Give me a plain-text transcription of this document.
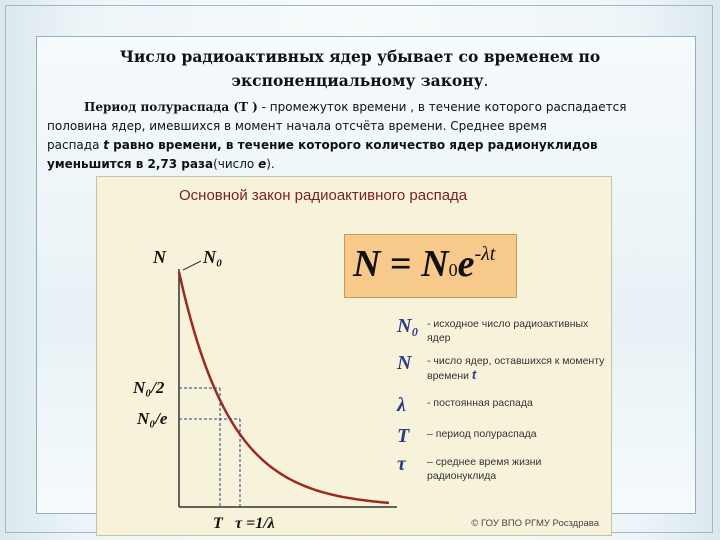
Число радиоактивных ядер убывает со временем по
экспоненциальному закону.
Период полураспада (Т ) - промежуток времени , в течение которого распадается
половина ядер, имевшихся в момент начала отсчёта времени. Среднее время
распада t равно времени, в течение которого количество ядер радионуклидов
уменьшится в 2,73 раза(число е).
Основной закон радиоактивного распада
N N₀
N₀/2
N₀/e
T τ =1/λ
$N = N0e^{-\lambda t}$
N₀ - исходное число радиоактивных ядер
N - число ядер, оставшихся к моменту времени t
λ - постоянная распада
T – период полураспада
τ – среднее время жизни радионуклида
© ГОУ ВПО РГМУ Росздрава
